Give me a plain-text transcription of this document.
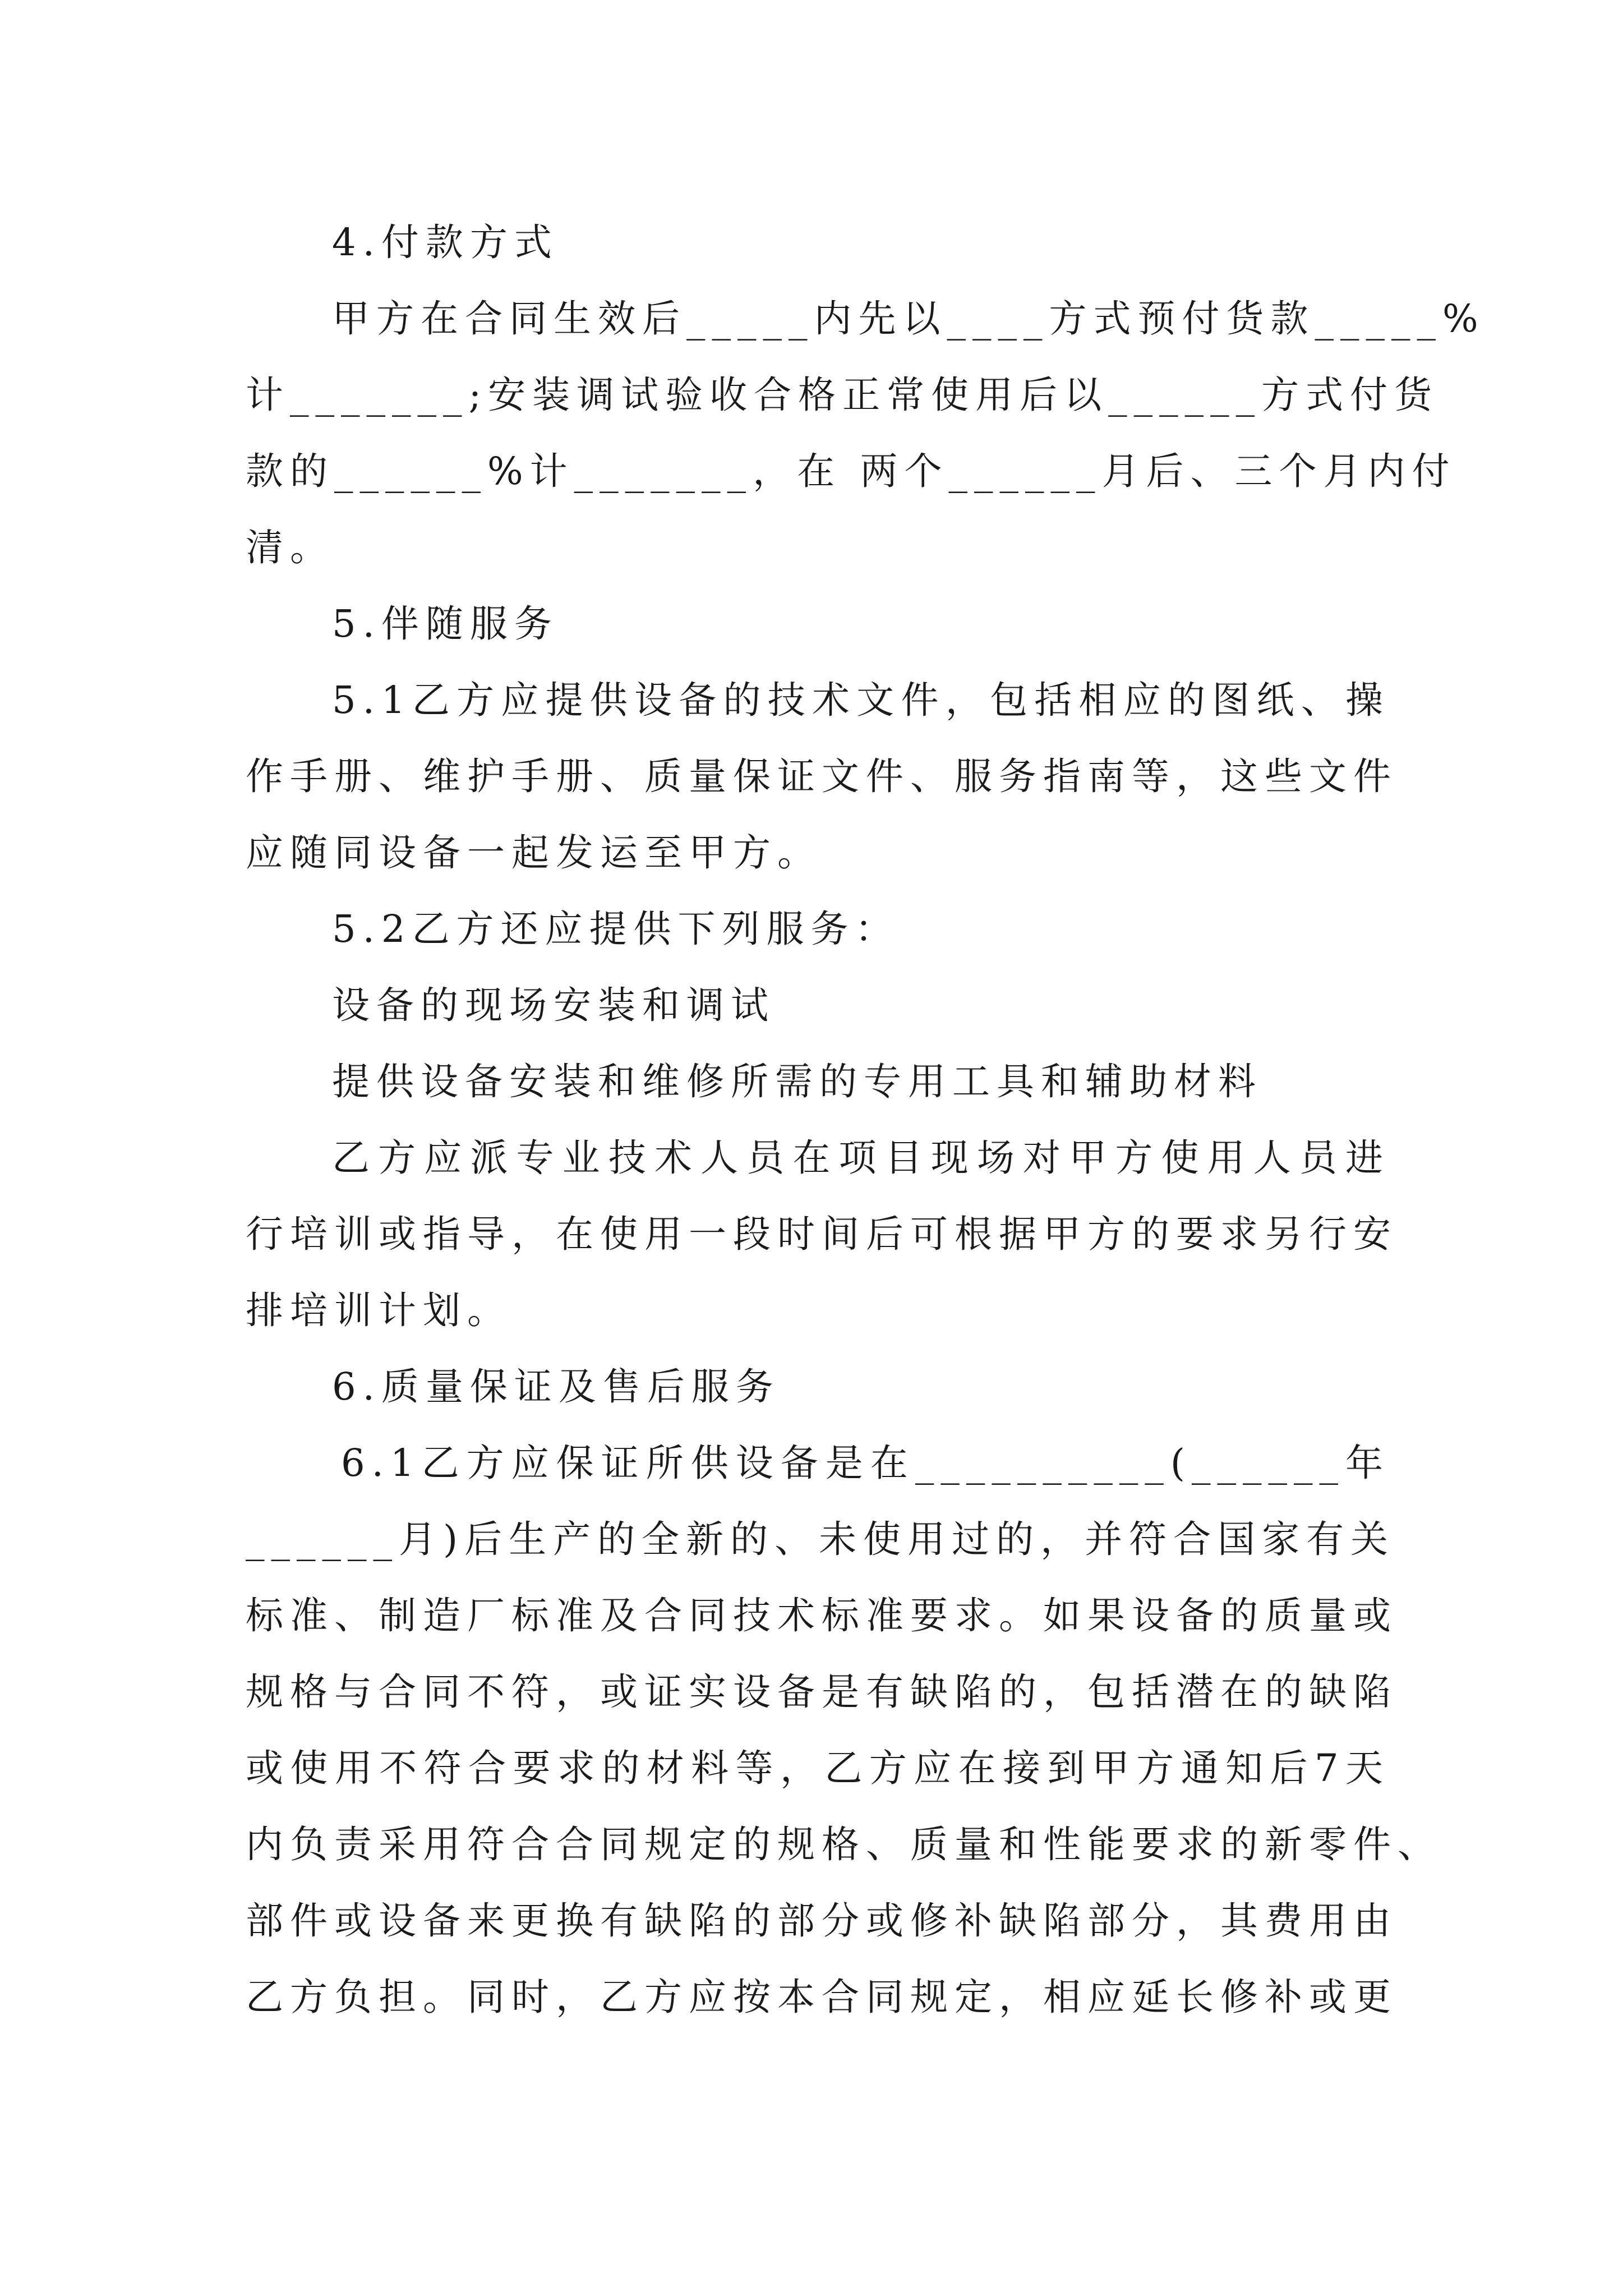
4.付款方式

甲方在合同生效后_____内先以____方式预付货款_____%

计_______;安装调试验收合格正常使用后以______方式付货

款的______%计_______，在 两个______月后、三个月内付

清。

5.伴随服务

5.1乙方应提供设备的技术文件，包括相应的图纸、操

作手册、维护手册、质量保证文件、服务指南等，这些文件

应随同设备一起发运至甲方。

5.2乙方还应提供下列服务：

设备的现场安装和调试

提供设备安装和维修所需的专用工具和辅助材料

乙方应派专业技术人员在项目现场对甲方使用人员进

行培训或指导，在使用一段时间后可根据甲方的要求另行安

排培训计划。

6.质量保证及售后服务

6.1乙方应保证所供设备是在__________(______年

______月)后生产的全新的、未使用过的，并符合国家有关

标准、制造厂标准及合同技术标准要求。如果设备的质量或

规格与合同不符，或证实设备是有缺陷的，包括潜在的缺陷

或使用不符合要求的材料等，乙方应在接到甲方通知后7天

内负责采用符合合同规定的规格、质量和性能要求的新零件、

部件或设备来更换有缺陷的部分或修补缺陷部分，其费用由

乙方负担。同时，乙方应按本合同规定，相应延长修补或更
